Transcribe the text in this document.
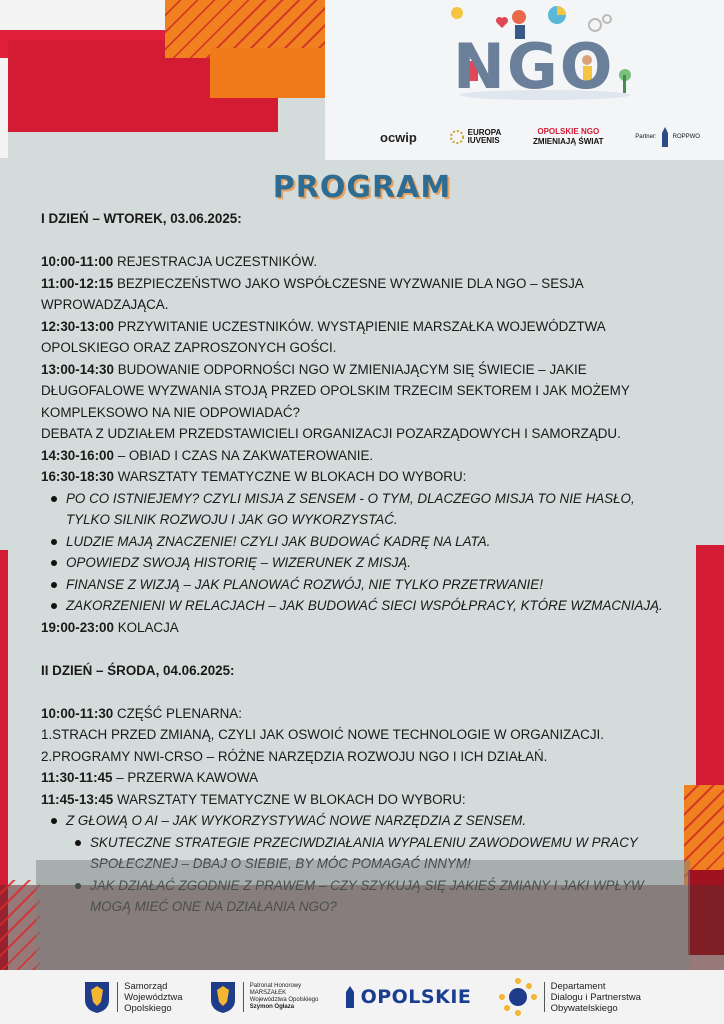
NGO
ocwip	EUROPA
IUVENIS
OPOLSKIE NGO
ZMIENIAJĄ ŚWIAT	Partner:	ROPPWO
PROGRAM
I DZIEŃ – WTOREK, 03.06.2025:
10:00-11:00 REJESTRACJA UCZESTNIKÓW.
11:00-12:15 BEZPIECZEŃSTWO JAKO WSPÓŁCZESNE WYZWANIE DLA NGO – SESJA WPROWADZAJĄCA.
12:30-13:00 PRZYWITANIE UCZESTNIKÓW. WYSTĄPIENIE MARSZAŁKA WOJEWÓDZTWA OPOLSKIEGO ORAZ ZAPROSZONYCH GOŚCI.
13:00-14:30 BUDOWANIE ODPORNOŚCI NGO W ZMIENIAJĄCYM SIĘ ŚWIECIE – JAKIE DŁUGOFALOWE WYZWANIA STOJĄ PRZED OPOLSKIM TRZECIM SEKTOREM I JAK MOŻEMY KOMPLEKSOWO NA NIE ODPOWIADAĆ?
DEBATA Z UDZIAŁEM PRZEDSTAWICIELI ORGANIZACJI POZARZĄDOWYCH I SAMORZĄDU.
14:30-16:00 – OBIAD I CZAS NA ZAKWATEROWANIE.
16:30-18:30 WARSZTATY TEMATYCZNE W BLOKACH DO WYBORU:
PO CO ISTNIEJEMY? CZYLI MISJA Z SENSEM - O TYM, DLACZEGO MISJA TO NIE HASŁO, TYLKO SILNIK ROZWOJU I JAK GO WYKORZYSTAĆ.
LUDZIE MAJĄ ZNACZENIE! CZYLI JAK BUDOWAĆ KADRĘ NA LATA.
OPOWIEDZ SWOJĄ HISTORIĘ – WIZERUNEK Z MISJĄ.
FINANSE Z WIZJĄ – JAK PLANOWAĆ ROZWÓJ, NIE TYLKO PRZETRWANIE!
ZAKORZENIENI W RELACJACH – JAK BUDOWAĆ SIECI WSPÓŁPRACY, KTÓRE WZMACNIAJĄ.
19:00-23:00 KOLACJA
II DZIEŃ – ŚRODA, 04.06.2025:
10:00-11:30 CZĘŚĆ PLENARNA:
1.STRACH PRZED ZMIANĄ, CZYLI JAK OSWOIĆ NOWE TECHNOLOGIE W ORGANIZACJI.
2.PROGRAMY NWI-CRSO – RÓŻNE NARZĘDZIA ROZWOJU NGO I ICH DZIAŁAŃ.
11:30-11:45 – PRZERWA KAWOWA
11:45-13:45 WARSZTATY TEMATYCZNE W BLOKACH DO WYBORU:
Z GŁOWĄ O AI – JAK WYKORZYSTYWAĆ NOWE NARZĘDZIA Z SENSEM.
SKUTECZNE STRATEGIE PRZECIWDZIAŁANIA WYPALENIU ZAWODOWEMU W PRACY
Samorząd
Województwa
Opolskiego
Patronat Honorowy
MARSZAŁEK
Województwa Opolskiego
Szymon Ogłaza	OPOLSKIE	Departament
Dialogu i Partnerstwa
Obywatelskiego
